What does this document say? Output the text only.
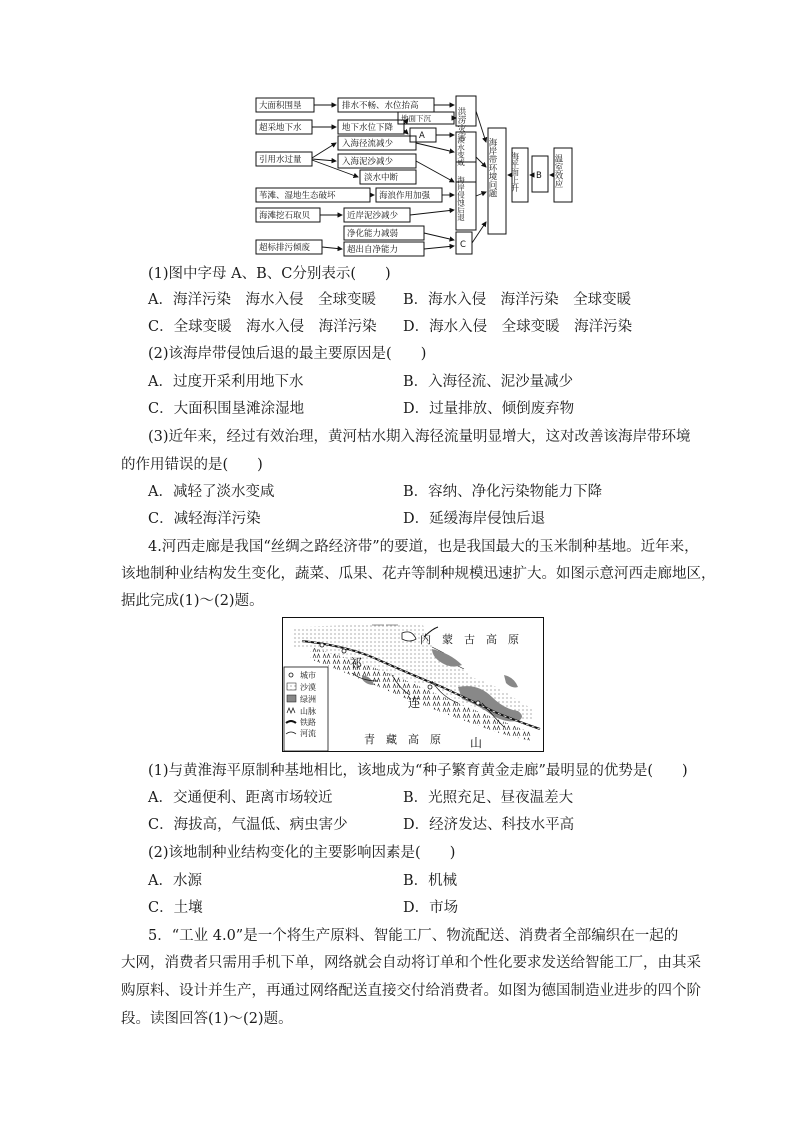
大面积围垦	排水不畅、水位抬高
超采地下水	地下水位下降
地面下沉
A
入海径流减少
引用水过量	入海泥沙减少
淡水中断
苇滩、湿地生态破坏	海浪作用加强
海滩挖石取贝	近岸泥沙减少
净化能力减弱
超标排污倾废	超出自净能力	C
B
洪涝灾害
淡水变咸
海岸侵蚀后退
海岸带环境问题 海平面上升	温室效应
(1)图中字母 A、B、C分别表示(　　)
A．海洋污染　海水入侵　全球变暖 B．海水入侵　海洋污染　全球变暖
C．全球变暖　海水入侵　海洋污染 D．海水入侵　全球变暖　海洋污染
(2)该海岸带侵蚀后退的最主要原因是(　　)
A．过度开采利用地下水	B．入海径流、泥沙量减少
C．大面积围垦滩涂湿地	D．过量排放、倾倒废弃物
(3)近年来，经过有效治理，黄河枯水期入海径流量明显增大，这对改善该海岸带环境
的作用错误的是(　　)
A．减轻了淡水变咸	B．容纳、净化污染物能力下降
C．减轻海洋污染	D．延缓海岸侵蚀后退
4.河西走廊是我国“丝绸之路经济带”的要道，也是我国最大的玉米制种基地。近年来，
该地制种业结构发生变化，蔬菜、瓜果、花卉等制种规模迅速扩大。如图示意河西走廊地区，
据此完成(1)～(2)题。
内　蒙　古　高　原
祁
连
山
青　藏　高　原
城市
沙漠
绿洲
山脉
铁路
河流
(1)与黄淮海平原制种基地相比，该地成为“种子繁育黄金走廊”最明显的优势是(　　)
A．交通便利、距离市场较近	B．光照充足、昼夜温差大
C．海拔高，气温低、病虫害少	D．经济发达、科技水平高
(2)该地制种业结构变化的主要影响因素是(　　)
A．水源	B．机械
C．土壤	D．市场
5．“工业 4.0”是一个将生产原料、智能工厂、物流配送、消费者全部编织在一起的
大网，消费者只需用手机下单，网络就会自动将订单和个性化要求发送给智能工厂，由其采
购原料、设计并生产，再通过网络配送直接交付给消费者。如图为德国制造业进步的四个阶
段。读图回答(1)～(2)题。
